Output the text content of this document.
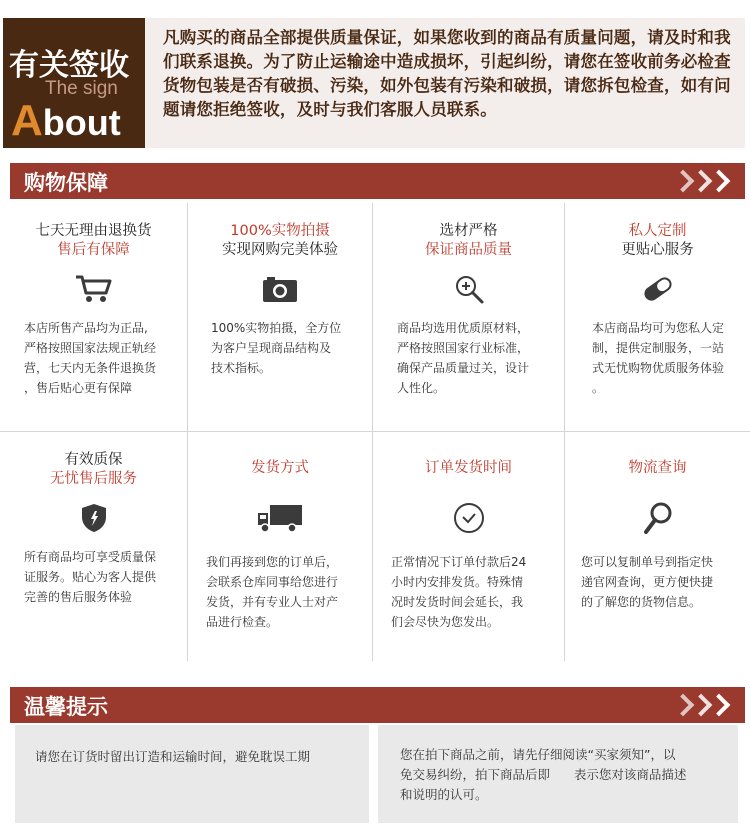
有关签收
The sign
About
凡购买的商品全部提供质量保证，如果您收到的商品有质量问题，请及时和我们联系退换。为了防止运输途中造成损坏，引起纠纷，请您在签收前务必检查货物包装是否有破损、污染，如外包装有污染和破损，请您拆包检查，如有问题请您拒绝签收，及时与我们客服人员联系。
购物保障
七天无理由退换货
售后有保障
本店所售产品均为正品,
严格按照国家法规正轨经
营，七天内无条件退换货
，售后贴心更有保障
100%实物拍摄
实现网购完美体验
100%实物拍摄，全方位
为客户呈现商品结构及
技术指标。
选材严格
保证商品质量
商品均选用优质原材料，
严格按照国家行业标准，
确保产品质量过关，设计
人性化。
私人定制
更贴心服务
本店商品均可为您私人定
制，提供定制服务，一站
式无忧购物优质服务体验
。
有效质保
无忧售后服务
所有商品均可享受质量保
证服务。贴心为客人提供
完善的售后服务体验
发货方式
我们再接到您的订单后，
会联系仓库同事给您进行
发货，并有专业人士对产
品进行检查。
订单发货时间
正常情况下订单付款后24
小时内安排发货。特殊情
况时发货时间会延长，我
们会尽快为您发出。
物流查询
您可以复制单号到指定快
递官网查询，更方便快捷
的了解您的货物信息。
温馨提示
请您在订货时留出订造和运输时间，避免耽误工期	您在拍下商品之前，请先仔细阅读“买家须知”，以
免交易纠纷，拍下商品后即      表示您对该商品描述
和说明的认可。
